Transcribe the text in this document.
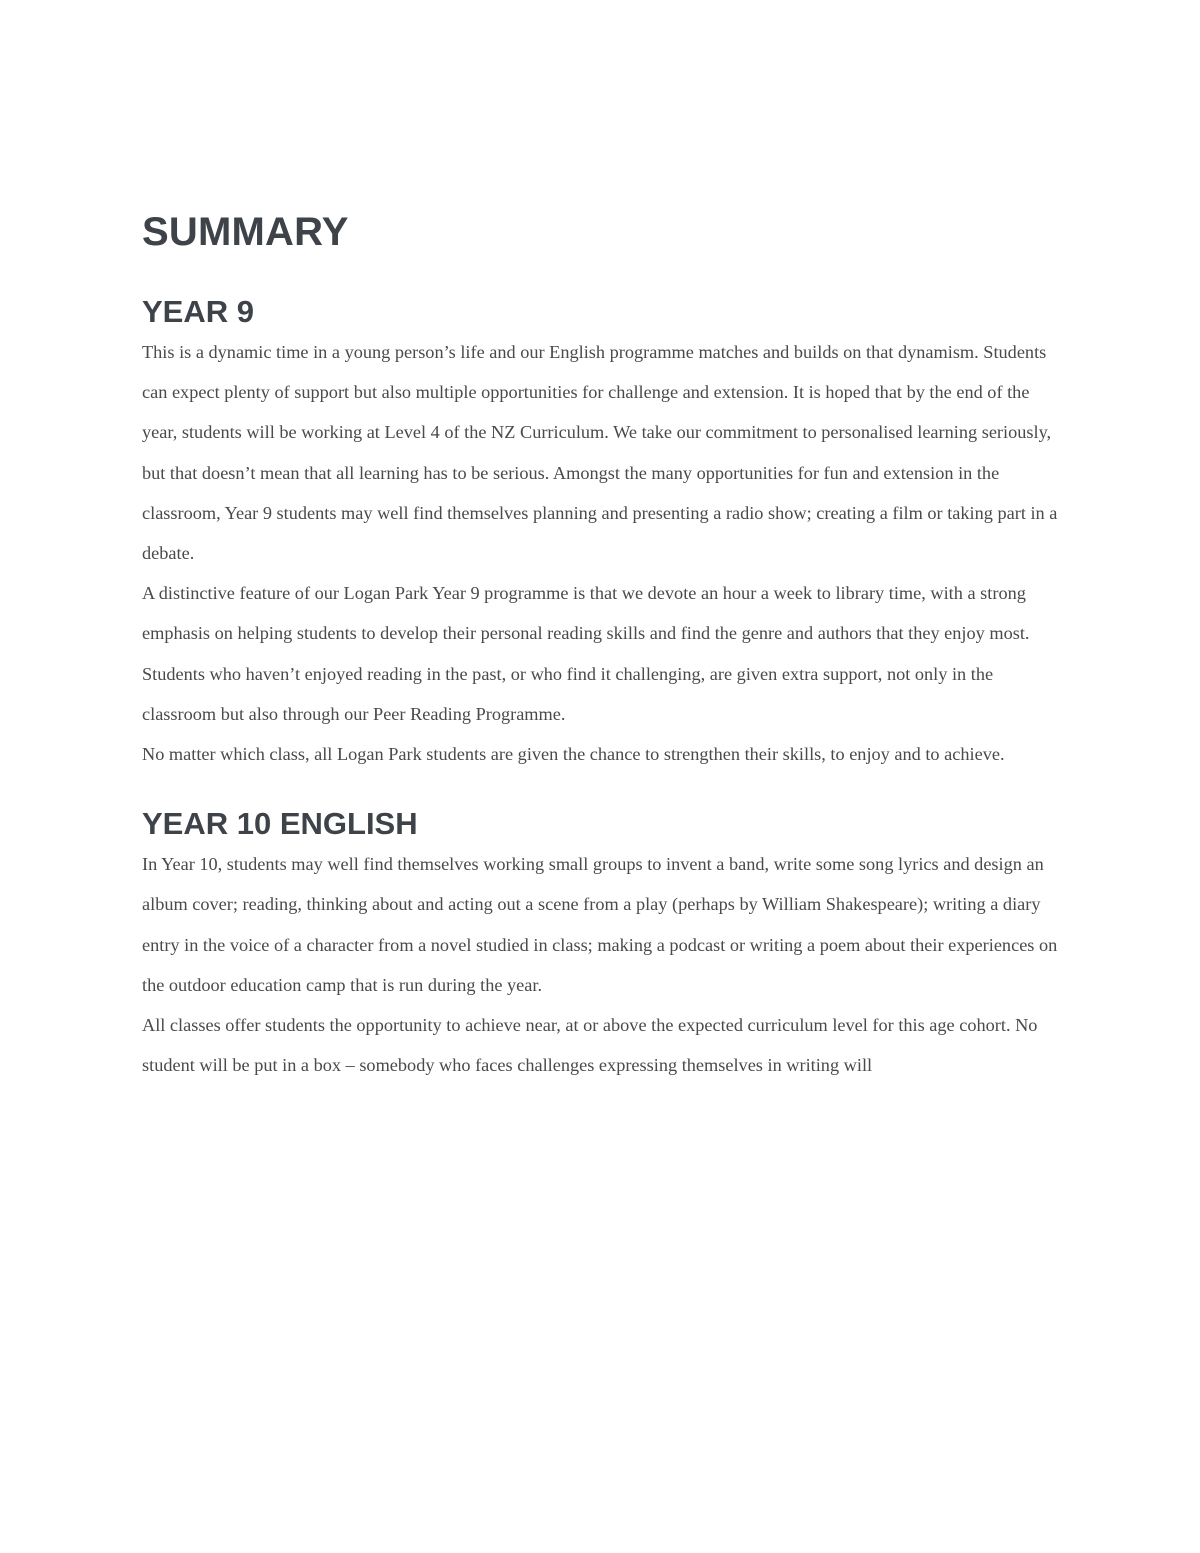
SUMMARY
YEAR 9

This is a dynamic time in a young person’s life and our English programme matches and builds on that dynamism. Students can expect plenty of support but also multiple opportunities for challenge and extension. It is hoped that by the end of the year, students will be working at Level 4 of the NZ Curriculum. We take our commitment to personalised learning seriously, but that doesn’t mean that all learning has to be serious. Amongst the many opportunities for fun and extension in the classroom, Year 9 students may well find themselves planning and presenting a radio show; creating a film or taking part in a debate.

A distinctive feature of our Logan Park Year 9 programme is that we devote an hour a week to library time, with a strong emphasis on helping students to develop their personal reading skills and find the genre and authors that they enjoy most.

Students who haven’t enjoyed reading in the past, or who find it challenging, are given extra support, not only in the classroom but also through our Peer Reading Programme.

No matter which class, all Logan Park students are given the chance to strengthen their skills, to enjoy and to achieve.

YEAR 10 ENGLISH

In Year 10, students may well find themselves working small groups to invent a band, write some song lyrics and design an album cover; reading, thinking about and acting out a scene from a play (perhaps by William Shakespeare); writing a diary entry in the voice of a character from a novel studied in class; making a podcast or writing a poem about their experiences on the outdoor education camp that is run during the year.

All classes offer students the opportunity to achieve near, at or above the expected curriculum level for this age cohort. No student will be put in a box – somebody who faces challenges expressing themselves in writing will
